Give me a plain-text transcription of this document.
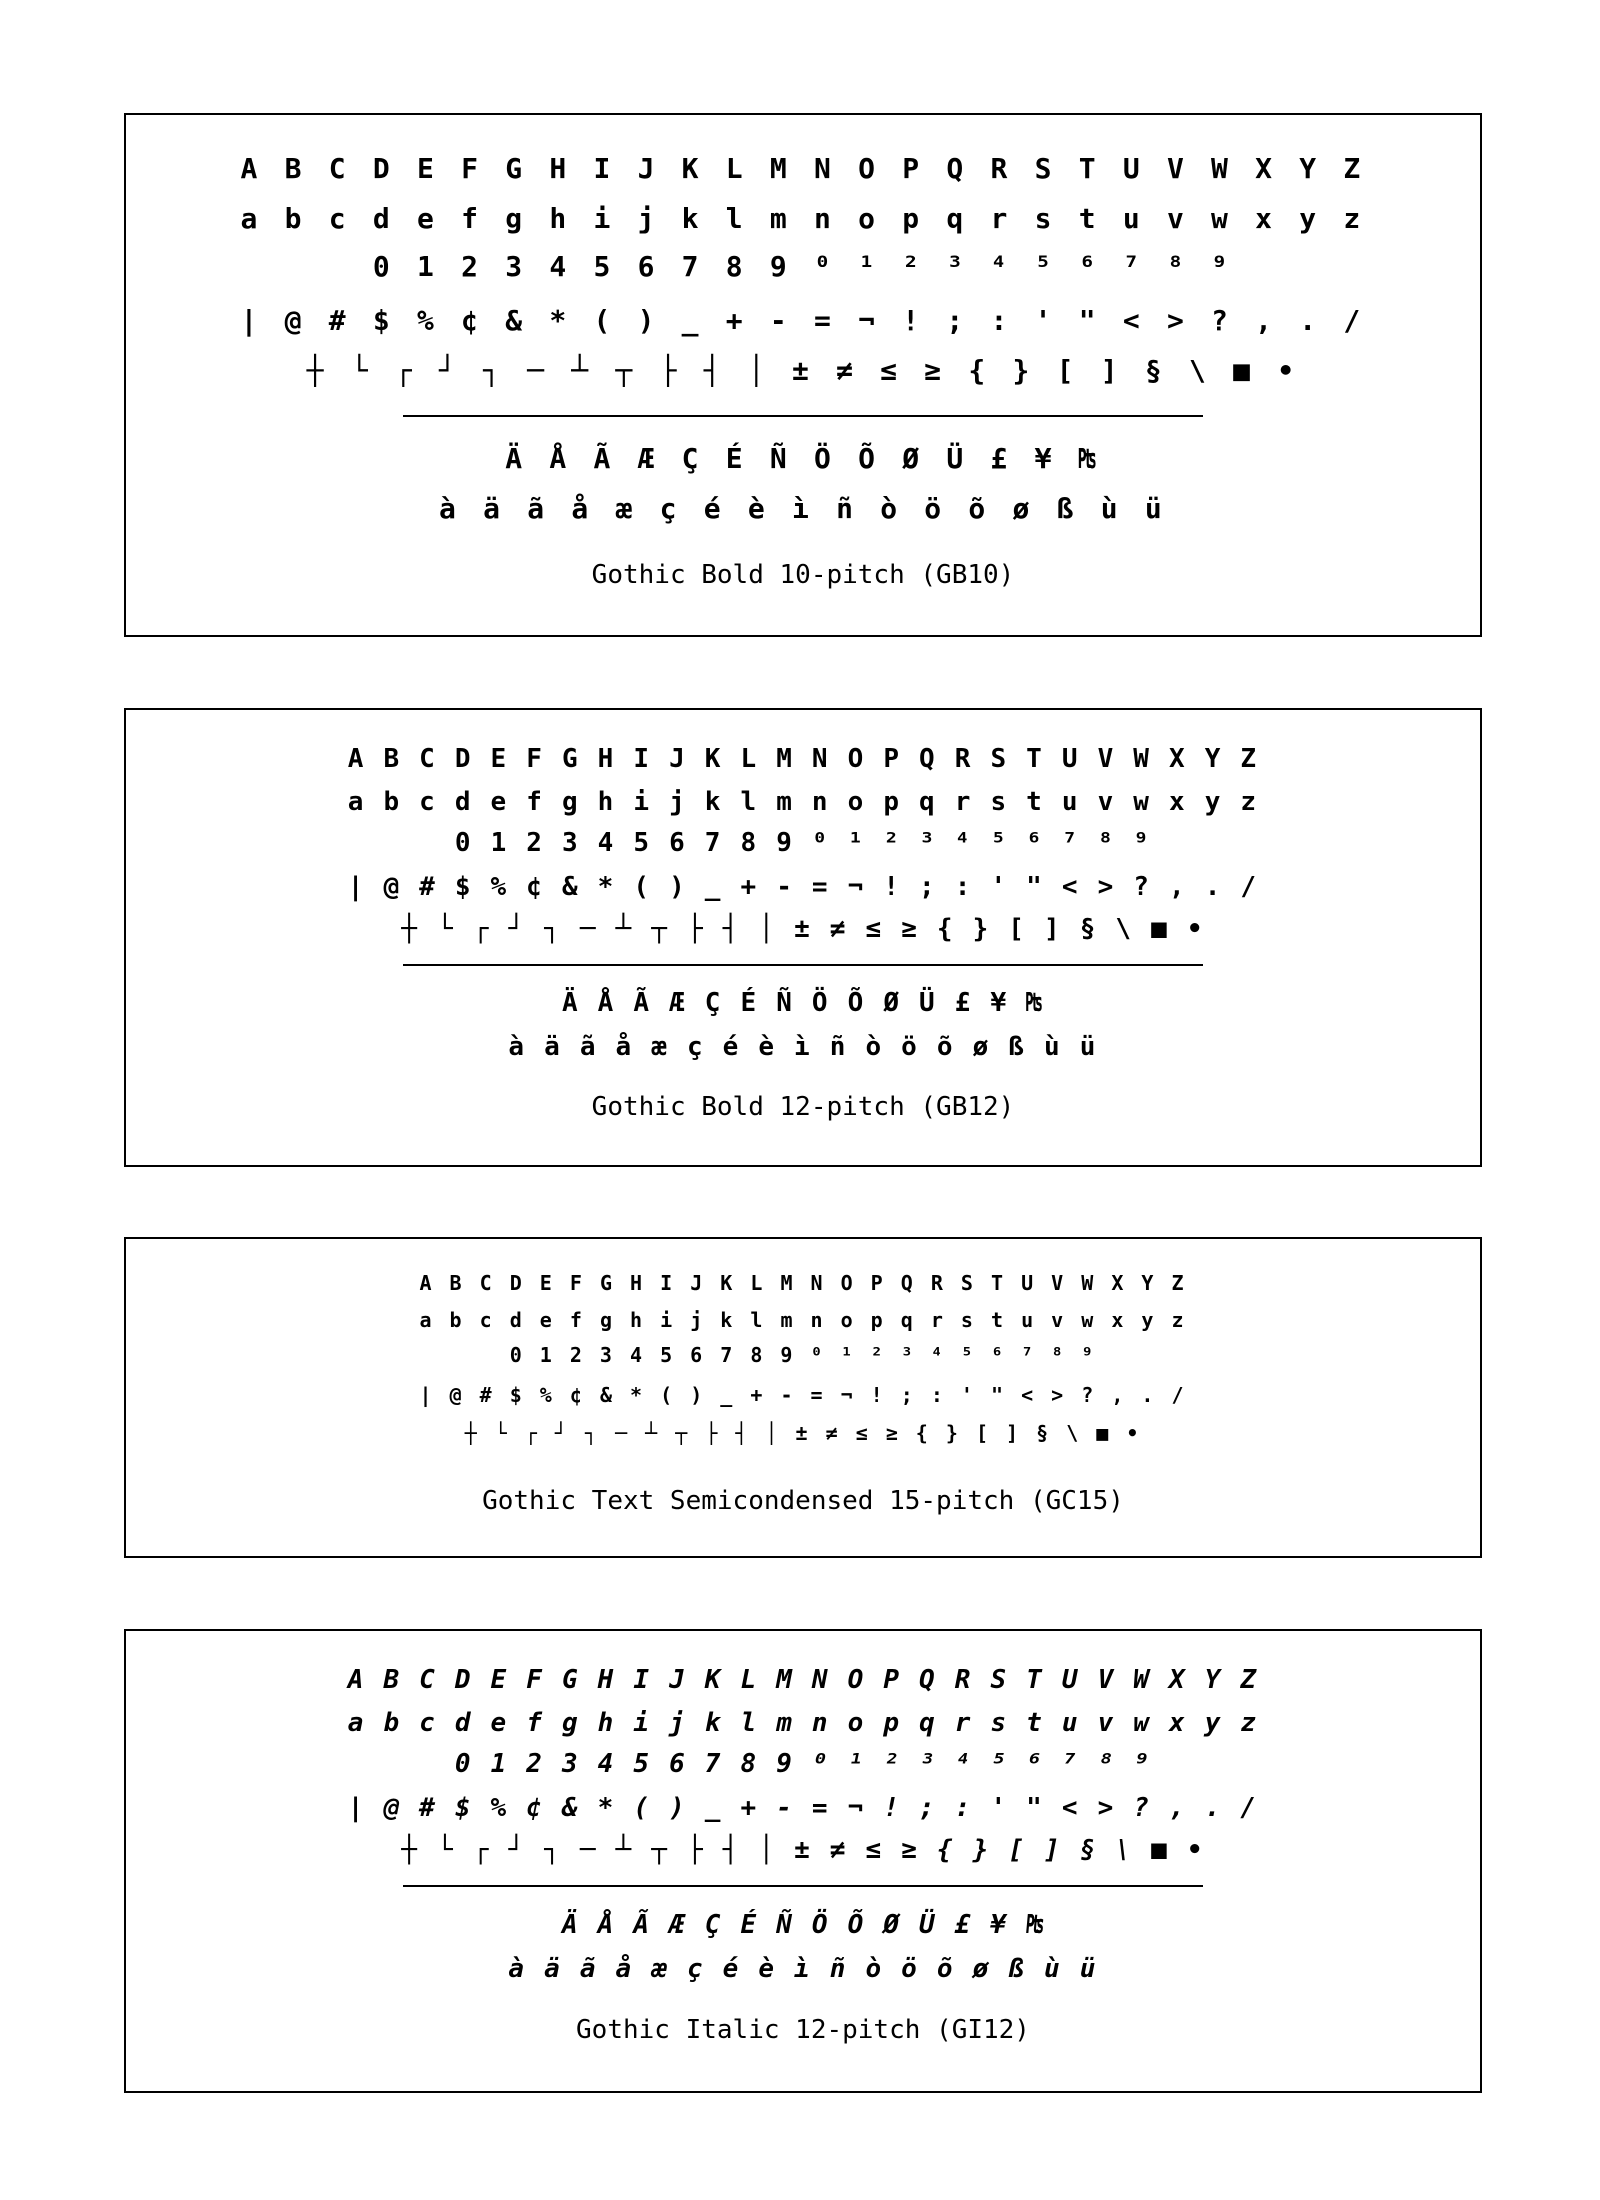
A B C D E F G H I J K L M N O P Q R S T U V W X Y Z
a b c d e f g h i j k l m n o p q r s t u v w x y z
0 1 2 3 4 5 6 7 8 9 ⁰ ¹ ² ³ ⁴ ⁵ ⁶ ⁷ ⁸ ⁹
| @ # $ % ¢ & * ( ) _ + - = ¬ ! ; : ' " < > ? , . /
┼ └ ┌ ┘ ┐ ─ ┴ ┬ ├ ┤ │ ± ≠ ≤ ≥ { } [ ] § \ ■ •
Ä Å Ã Æ Ç É Ñ Ö Õ Ø Ü £ ¥ ₧
à ä ã å æ ç é è ì ñ ò ö õ ø ß ù ü
Gothic Bold 10-pitch (GB10)
A B C D E F G H I J K L M N O P Q R S T U V W X Y Z
a b c d e f g h i j k l m n o p q r s t u v w x y z
0 1 2 3 4 5 6 7 8 9 ⁰ ¹ ² ³ ⁴ ⁵ ⁶ ⁷ ⁸ ⁹
| @ # $ % ¢ & * ( ) _ + - = ¬ ! ; : ' " < > ? , . /
┼ └ ┌ ┘ ┐ ─ ┴ ┬ ├ ┤ │ ± ≠ ≤ ≥ { } [ ] § \ ■ •
Ä Å Ã Æ Ç É Ñ Ö Õ Ø Ü £ ¥ ₧
à ä ã å æ ç é è ì ñ ò ö õ ø ß ù ü
Gothic Bold 12-pitch (GB12)
A B C D E F G H I J K L M N O P Q R S T U V W X Y Z
a b c d e f g h i j k l m n o p q r s t u v w x y z
0 1 2 3 4 5 6 7 8 9 ⁰ ¹ ² ³ ⁴ ⁵ ⁶ ⁷ ⁸ ⁹
| @ # $ % ¢ & * ( ) _ + - = ¬ ! ; : ' " < > ? , . /
┼ └ ┌ ┘ ┐ ─ ┴ ┬ ├ ┤ │ ± ≠ ≤ ≥ { } [ ] § \ ■ •
Gothic Text Semicondensed 15-pitch (GC15)
A B C D E F G H I J K L M N O P Q R S T U V W X Y Z
a b c d e f g h i j k l m n o p q r s t u v w x y z
0 1 2 3 4 5 6 7 8 9 ⁰ ¹ ² ³ ⁴ ⁵ ⁶ ⁷ ⁸ ⁹
| @ # $ % ¢ & * ( ) _ + - = ¬ ! ; : ' " < > ? , . /
┼ └ ┌ ┘ ┐ ─ ┴ ┬ ├ ┤ │ ± ≠ ≤ ≥ { } [ ] § \ ■ •
Ä Å Ã Æ Ç É Ñ Ö Õ Ø Ü £ ¥ ₧
à ä ã å æ ç é è ì ñ ò ö õ ø ß ù ü
Gothic Italic 12-pitch (GI12)
